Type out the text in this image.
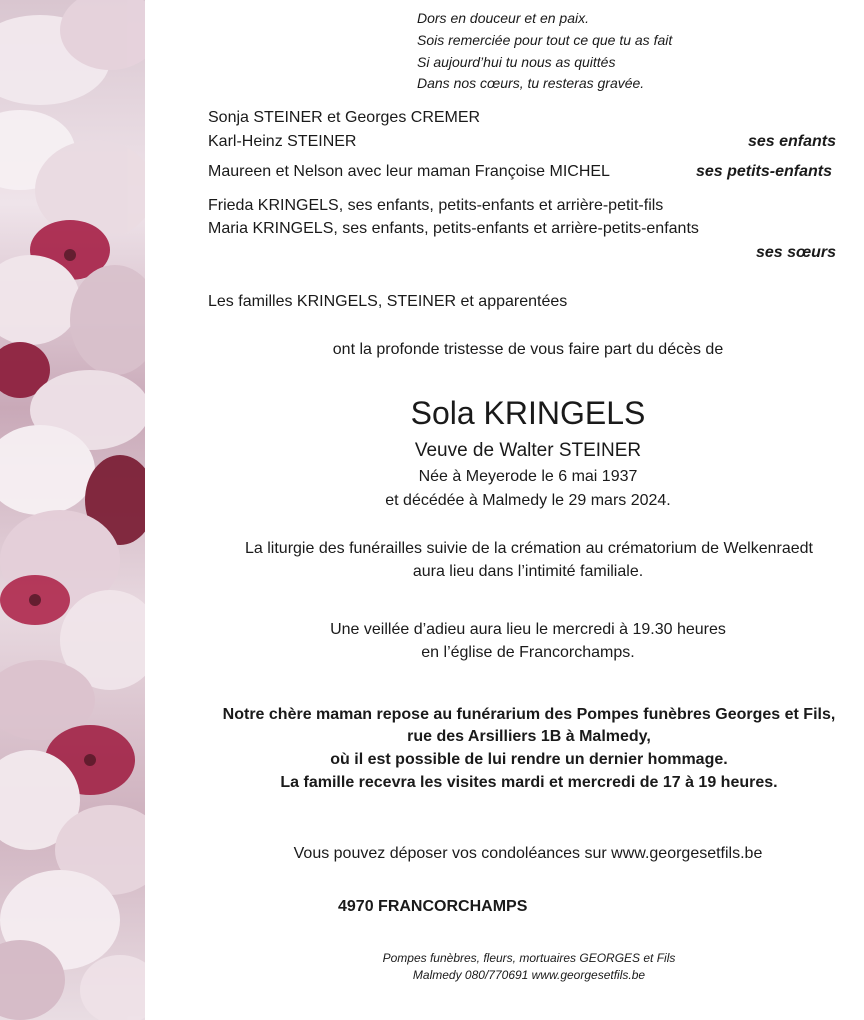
Dors en douceur et en paix.
Sois remerciée pour tout ce que tu as fait
Si aujourd’hui tu nous as quittés
Dans nos cœurs, tu resteras gravée.
Sonja STEINER et Georges CREMER
Karl-Heinz STEINER	ses enfants
Maureen et Nelson avec leur maman Françoise MICHEL	ses petits-enfants
Frieda KRINGELS, ses enfants, petits-enfants et arrière-petit-fils
Maria KRINGELS, ses enfants, petits-enfants et arrière-petits-enfants
ses sœurs
Les familles KRINGELS, STEINER et apparentées
ont la profonde tristesse de vous faire part du décès de
Sola KRINGELS
Veuve de Walter STEINER
Née à Meyerode le 6 mai 1937
et décédée à Malmedy le 29 mars 2024.
La liturgie des funérailles suivie de la crémation au crématorium de Welkenraedt
aura lieu dans l’intimité familiale.
Une veillée d’adieu aura lieu le mercredi à 19.30 heures
en l’église de Francorchamps.
Notre chère maman repose au funérarium des Pompes funèbres Georges et Fils,
rue des Arsilliers 1B à Malmedy,
où il est possible de lui rendre un dernier hommage.
La famille recevra les visites mardi et mercredi de 17 à 19 heures.
Vous pouvez déposer vos condoléances sur www.georgesetfils.be
4970 FRANCORCHAMPS
Pompes funèbres, fleurs, mortuaires GEORGES et Fils
Malmedy 080/770691 www.georgesetfils.be
